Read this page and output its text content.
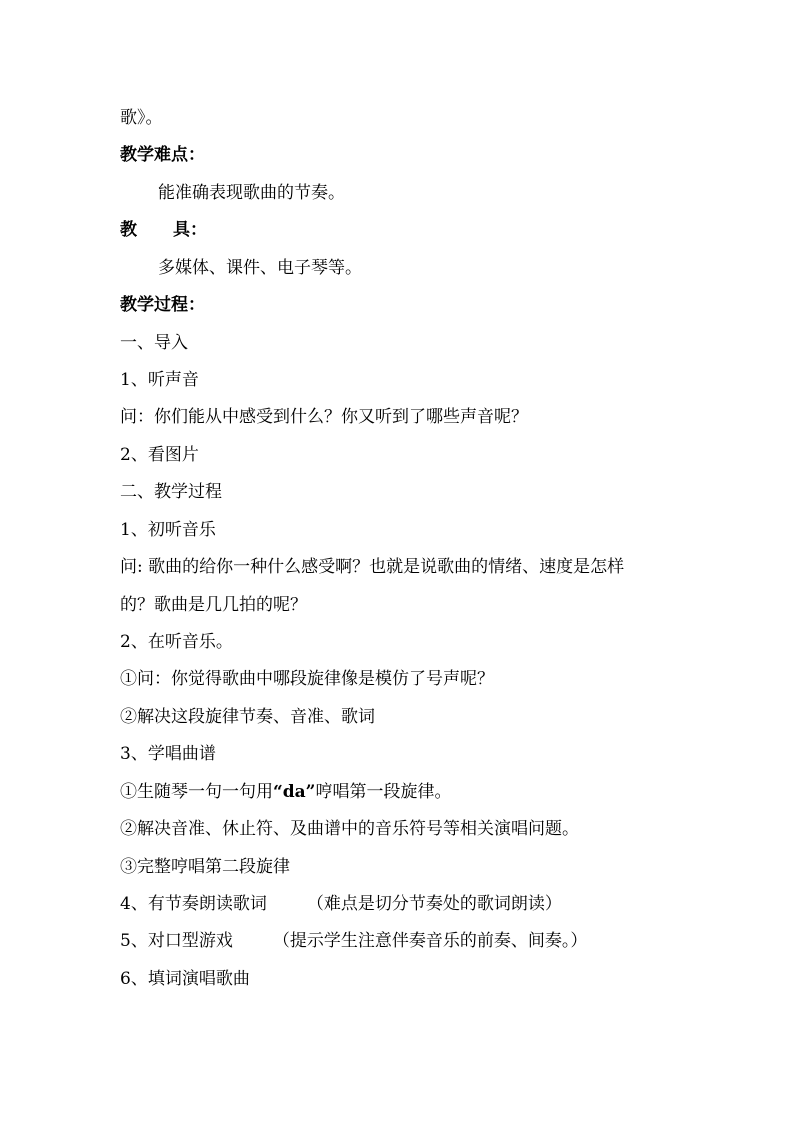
歌》。
教学难点：
能准确表现歌曲的节奏。
教 具：
多媒体、课件、电子琴等。
教学过程：
一、导入
1、听声音
问：你们能从中感受到什么？你又听到了哪些声音呢？
2、看图片
二、教学过程
1、初听音乐
问: 歌曲的给你一种什么感受啊？也就是说歌曲的情绪、速度是怎样
的？歌曲是几几拍的呢？
2、在听音乐。
①问：你觉得歌曲中哪段旋律像是模仿了号声呢？
②解决这段旋律节奏、音准、歌词
3、学唱曲谱
①生随琴一句一句用“da”哼唱第一段旋律。
②解决音准、休止符、及曲谱中的音乐符号等相关演唱问题。
③完整哼唱第二段旋律
4、有节奏朗读歌词 （难点是切分节奏处的歌词朗读）
5、对口型游戏 （提示学生注意伴奏音乐的前奏、间奏。）
6、填词演唱歌曲
